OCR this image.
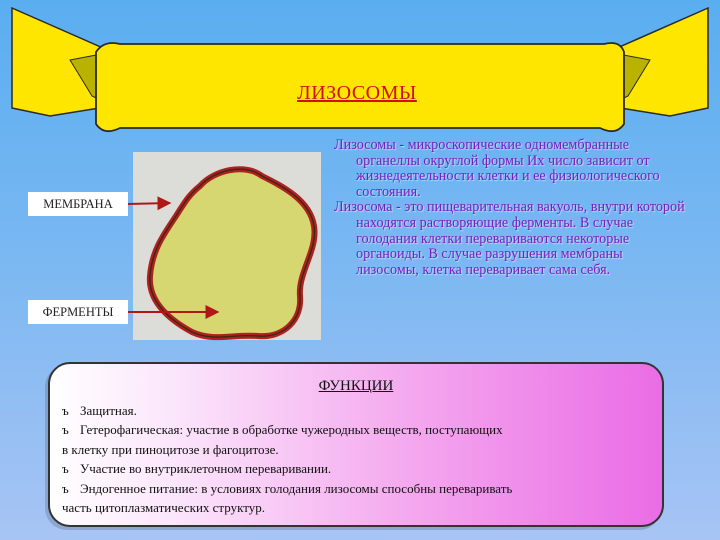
ЛИЗОСОМЫ
МЕМБРАНА
ФЕРМЕНТЫ

Лизосомы - микроскопические одномембранные органеллы округлой формы Их число зависит от жизнедеятельности клетки и ее физиологического состояния.

Лизосома - это пищеварительная вакуоль, внутри которой находятся растворяющие ферменты. В случае голодания клетки перевариваются некоторые органоиды. В случае разрушения мембраны лизосомы, клетка переваривает сама себя.

ФУНКЦИИ

ъ Защитная.

ъ Гетерофагическая: участие в обработке чужеродных веществ, поступающих

в клетку при пиноцитозе и фагоцитозе.

ъ Участие во внутриклеточном переваривании.

ъ Эндогенное питание: в условиях голодания лизосомы способны переваривать

часть цитоплазматических структур.
